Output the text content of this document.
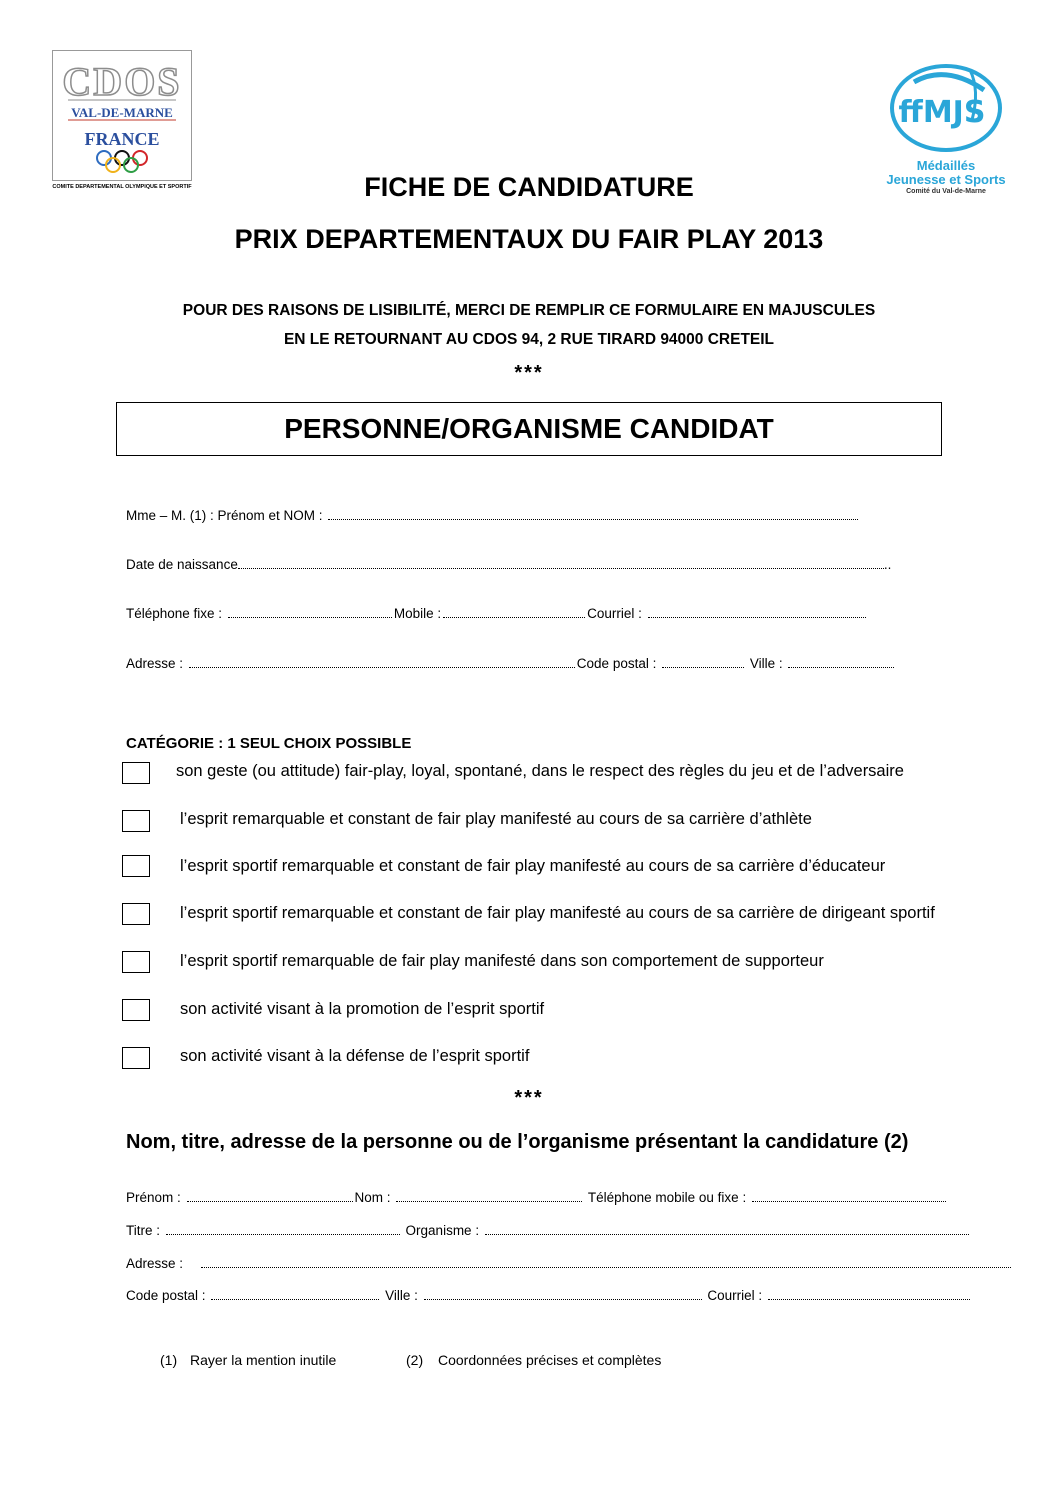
CDOS
VAL-DE-MARNE
FRANCE
COMITE DEPARTEMENTAL OLYMPIQUE ET SPORTIF
ffMJS
Médaillés
Jeunesse et Sports
Comité du Val-de-Marne
FICHE DE CANDIDATURE
PRIX DEPARTEMENTAUX DU FAIR PLAY 2013
POUR DES RAISONS DE LISIBILITÉ, MERCI DE REMPLIR CE FORMULAIRE EN MAJUSCULES
EN LE RETOURNANT AU CDOS 94, 2 RUE TIRARD 94000 CRETEIL
***
PERSONNE/ORGANISME CANDIDAT
Mme – M. (1) : Prénom et NOM :
Date de naissance	..
Téléphone fixe :	Mobile :	Courriel :
Adresse :	Code postal :	Ville :
CATÉGORIE : 1 SEUL CHOIX POSSIBLE
son geste (ou attitude) fair-play, loyal, spontané, dans le respect des règles du jeu et de l’adversaire
l’esprit remarquable et constant de fair play manifesté au cours de sa carrière d’athlète
l’esprit sportif remarquable et constant de fair play manifesté au cours de sa carrière d’éducateur
l’esprit sportif remarquable et constant de fair play manifesté au cours de sa carrière de dirigeant sportif
l’esprit sportif remarquable de fair play manifesté dans son comportement de supporteur
son activité visant à la promotion de l’esprit sportif
son activité visant à la défense de l’esprit sportif
***
Nom, titre, adresse de la personne ou de l’organisme présentant la candidature (2)
Prénom :	Nom :	Téléphone mobile ou fixe :
Titre :	Organisme :
Adresse :
Code postal :	Ville :	Courriel :
(1) Rayer la mention inutile	(2) Coordonnées précises et complètes
